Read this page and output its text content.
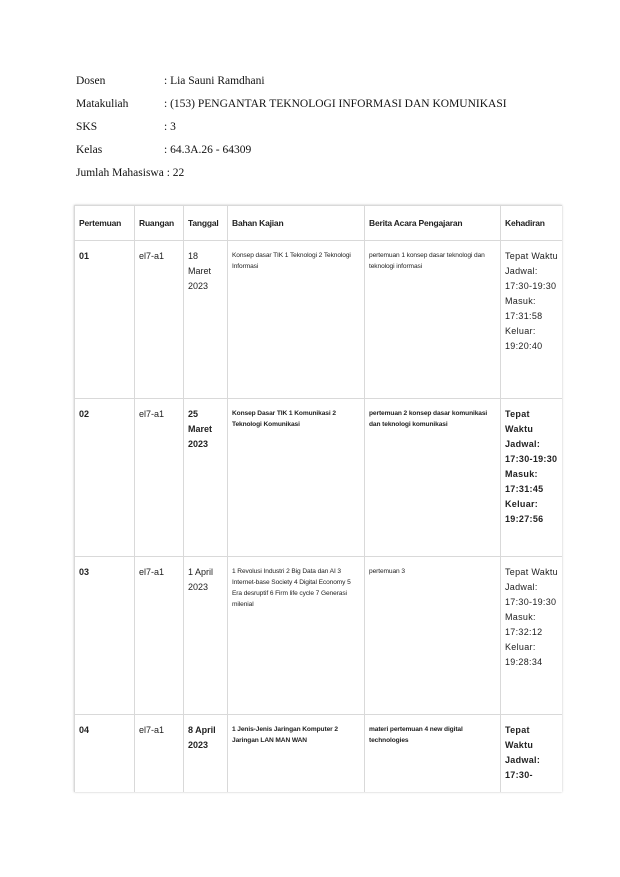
Dosen	: Lia Sauni Ramdhani
Matakuliah	: (153) PENGANTAR TEKNOLOGI INFORMASI DAN KOMUNIKASI
SKS	: 3
Kelas	: 64.3A.26 - 64309
Jumlah Mahasiswa : 22
Pertemuan	Ruangan	Tanggal	Bahan Kajian	Berita Acara Pengajaran	Kehadiran
01	el7-a1	18 Maret 2023	Konsep dasar TIK 1 Teknologi 2 Teknologi Informasi	pertemuan 1 konsep dasar teknologi dan teknologi informasi	Tepat Waktu Jadwal: 17:30-19:30 Masuk: 17:31:58 Keluar: 19:20:40
02	el7-a1	25 Maret 2023	Konsep Dasar TIK 1 Komunikasi 2 Teknologi Komunikasi	pertemuan 2 konsep dasar komunikasi dan teknologi komunikasi	Tepat Waktu Jadwal: 17:30-19:30 Masuk: 17:31:45 Keluar: 19:27:56
03	el7-a1	1 April 2023	1 Revolusi Industri 2 Big Data dan AI 3 Internet-base Society 4 Digital Economy 5 Era desruptif 6 Firm life cycle 7 Generasi milenial	pertemuan 3	Tepat Waktu Jadwal: 17:30-19:30 Masuk: 17:32:12 Keluar: 19:28:34
04	el7-a1	8 April 2023	1 Jenis-Jenis Jaringan Komputer 2 Jaringan LAN MAN WAN	materi pertemuan 4 new digital technologies	Tepat Waktu Jadwal: 17:30-
